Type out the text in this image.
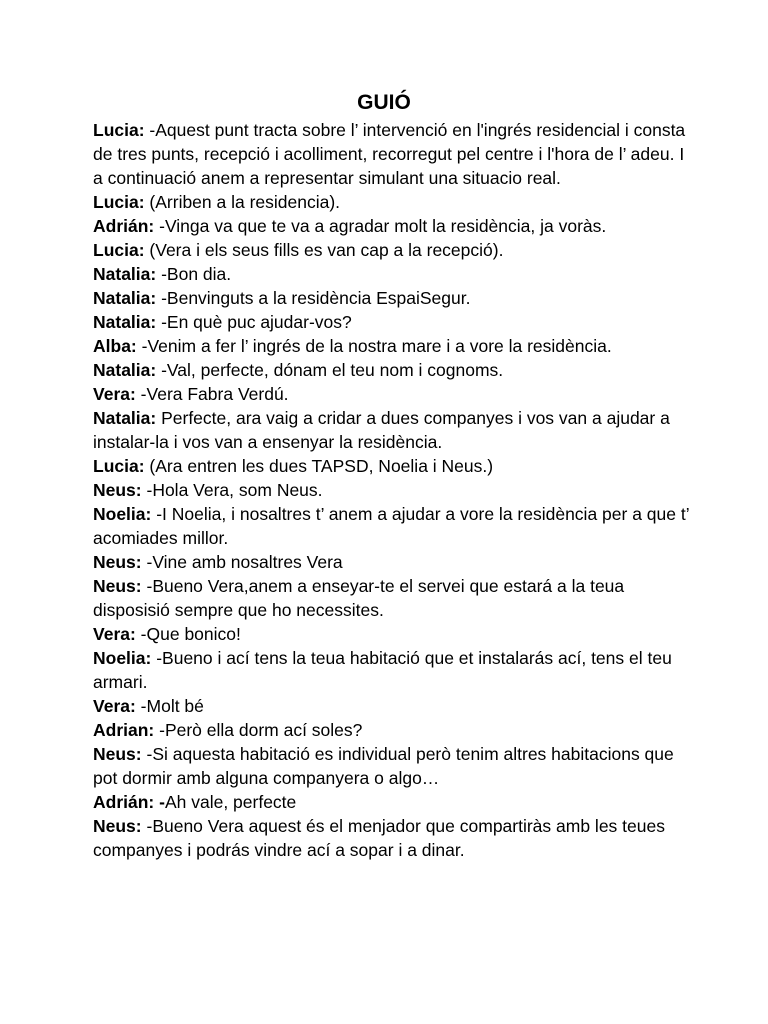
GUIÓ

Lucia: -Aquest punt tracta sobre l’ intervenció en l'ingrés residencial i consta de tres punts, recepció i acolliment, recorregut pel centre i l'hora de l’ adeu. I a continuació anem a representar simulant una situacio real.

Lucia: (Arriben a la residencia).

Adrián: -Vinga va que te va a agradar molt la residència, ja voràs.

Lucia: (Vera i els seus fills es van cap a la recepció).

Natalia: -Bon dia.

Natalia: -Benvinguts a la residència EspaiSegur.

Natalia: -En què puc ajudar-vos?

Alba: -Venim a fer l’ ingrés de la nostra mare i a vore la residència.

Natalia: -Val, perfecte, dónam el teu nom i cognoms.

Vera: -Vera Fabra Verdú.

Natalia: Perfecte, ara vaig a cridar a dues companyes i vos van a ajudar a instalar-la i vos van a ensenyar la residència.

Lucia: (Ara entren les dues TAPSD, Noelia i Neus.)

Neus: -Hola Vera, som Neus.

Noelia: -I Noelia, i nosaltres t’ anem a ajudar a vore la residència per a que t’ acomiades millor.

Neus: -Vine amb nosaltres Vera

Neus: -Bueno Vera,anem a enseyar-te el servei que estará a la teua disposisió sempre que ho necessites.

Vera: -Que bonico!

Noelia: -Bueno i ací tens la teua habitació que et instalarás ací, tens el teu armari.

Vera: -Molt bé

Adrian: -Però ella dorm ací soles?

Neus: -Si aquesta habitació es individual però tenim altres habitacions que pot dormir amb alguna companyera o algo…

Adrián: -Ah vale, perfecte

Neus: -Bueno Vera aquest és el menjador que compartiràs amb les teues companyes i podrás vindre ací a sopar i a dinar.
